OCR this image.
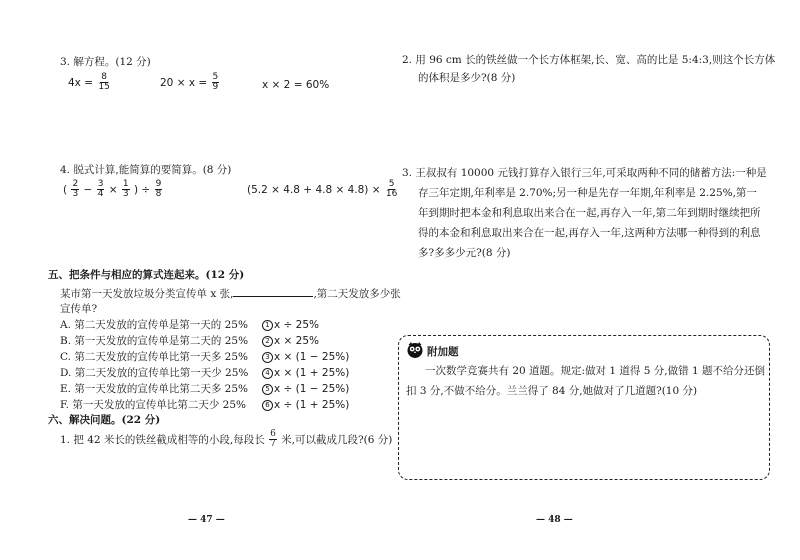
3. 解方程。(12 分)
$4x = \frac{8}{15}$	$20 \times x = \frac{5}{9}$	x × 2 = 60%
4. 脱式计算,能简算的要简算。(8 分)
( $\frac{2}{3} - \frac{3}{4} \times \frac{1}{3}$ ) ÷ $\frac{9}{8}$	$(5.2 \times 4.8 + 4.8 \times 4.8) \times \frac{5}{16}$
五、把条件与相应的算式连起来。(12 分)
某市第一天发放垃圾分类宣传单 x 张,	,第二天发放多少张
宣传单?
A. 第二天发放的宣传单是第一天的 25%
B. 第一天发放的宣传单是第二天的 25%
C. 第二天发放的宣传单比第一天多 25%
D. 第二天发放的宣传单比第一天少 25%
E. 第一天发放的宣传单比第二天多 25%
F. 第一天发放的宣传单比第二天少 25%
1 x ÷ 25%
2 x × 25%
3 x × (1 − 25%)
4 x × (1 + 25%)
5 x ÷ (1 − 25%)
6 x ÷ (1 + 25%)
六、解决问题。(22 分)
1. 把 42 米长的铁丝截成相等的小段,每段长 $\frac{6}{7}$ 米,可以截成几段?(6 分)
— 47 —
2. 用 96 cm 长的铁丝做一个长方体框架,长、宽、高的比是 5:4:3,则这个长方体
的体积是多少?(8 分)
3. 王叔叔有 10000 元钱打算存入银行三年,可采取两种不同的储蓄方法:一种是
存三年定期,年利率是 2.70%;另一种是先存一年期,年利率是 2.25%,第一
年到期时把本金和利息取出来合在一起,再存入一年,第二年到期时继续把所
得的本金和利息取出来合在一起,再存入一年,这两种方法哪一种得到的利息
多?多多少元?(8 分)
附加题
一次数学竞赛共有 20 道题。规定:做对 1 道得 5 分,做错 1 题不给分还倒
扣 3 分,不做不给分。兰兰得了 84 分,她做对了几道题?(10 分)
— 48 —
